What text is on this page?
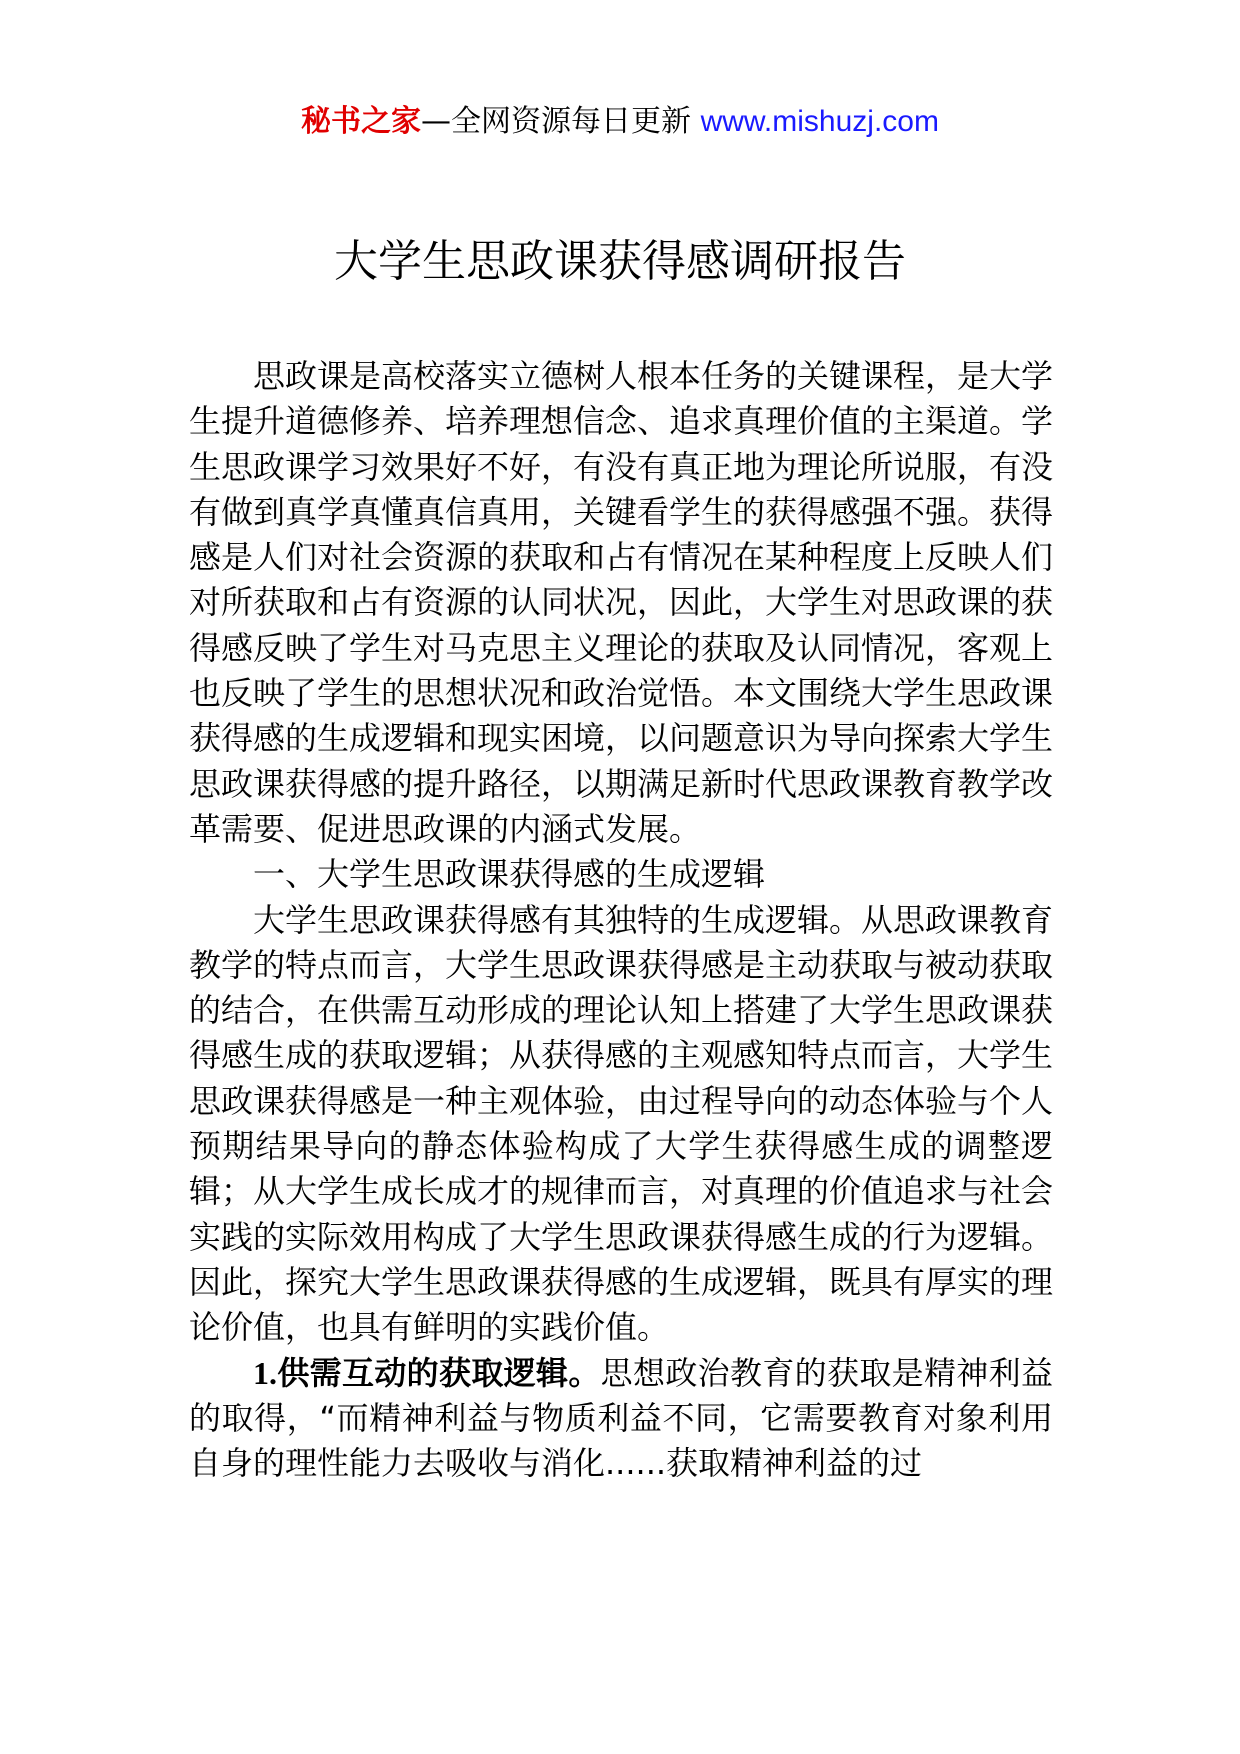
秘书之家—全网资源每日更新 www.mishuzj.com
大学生思政课获得感调研报告

思政课是高校落实立德树人根本任务的关键课程，是大学生提升道德修养、培养理想信念、追求真理价值的主渠道。学生思政课学习效果好不好，有没有真正地为理论所说服，有没有做到真学真懂真信真用，关键看学生的获得感强不强。获得感是人们对社会资源的获取和占有情况在某种程度上反映人们对所获取和占有资源的认同状况，因此，大学生对思政课的获得感反映了学生对马克思主义理论的获取及认同情况，客观上也反映了学生的思想状况和政治觉悟。本文围绕大学生思政课获得感的生成逻辑和现实困境，以问题意识为导向探索大学生思政课获得感的提升路径，以期满足新时代思政课教育教学改革需要、促进思政课的内涵式发展。

一、大学生思政课获得感的生成逻辑

大学生思政课获得感有其独特的生成逻辑。从思政课教育教学的特点而言，大学生思政课获得感是主动获取与被动获取的结合，在供需互动形成的理论认知上搭建了大学生思政课获得感生成的获取逻辑；从获得感的主观感知特点而言，大学生思政课获得感是一种主观体验，由过程导向的动态体验与个人预期结果导向的静态体验构成了大学生获得感生成的调整逻辑；从大学生成长成才的规律而言，对真理的价值追求与社会实践的实际效用构成了大学生思政课获得感生成的行为逻辑。因此，探究大学生思政课获得感的生成逻辑，既具有厚实的理论价值，也具有鲜明的实践价值。

1.供需互动的获取逻辑。思想政治教育的获取是精神利益的取得，“而精神利益与物质利益不同，它需要教育对象利用自身的理性能力去吸收与消化......获取精神利益的过
